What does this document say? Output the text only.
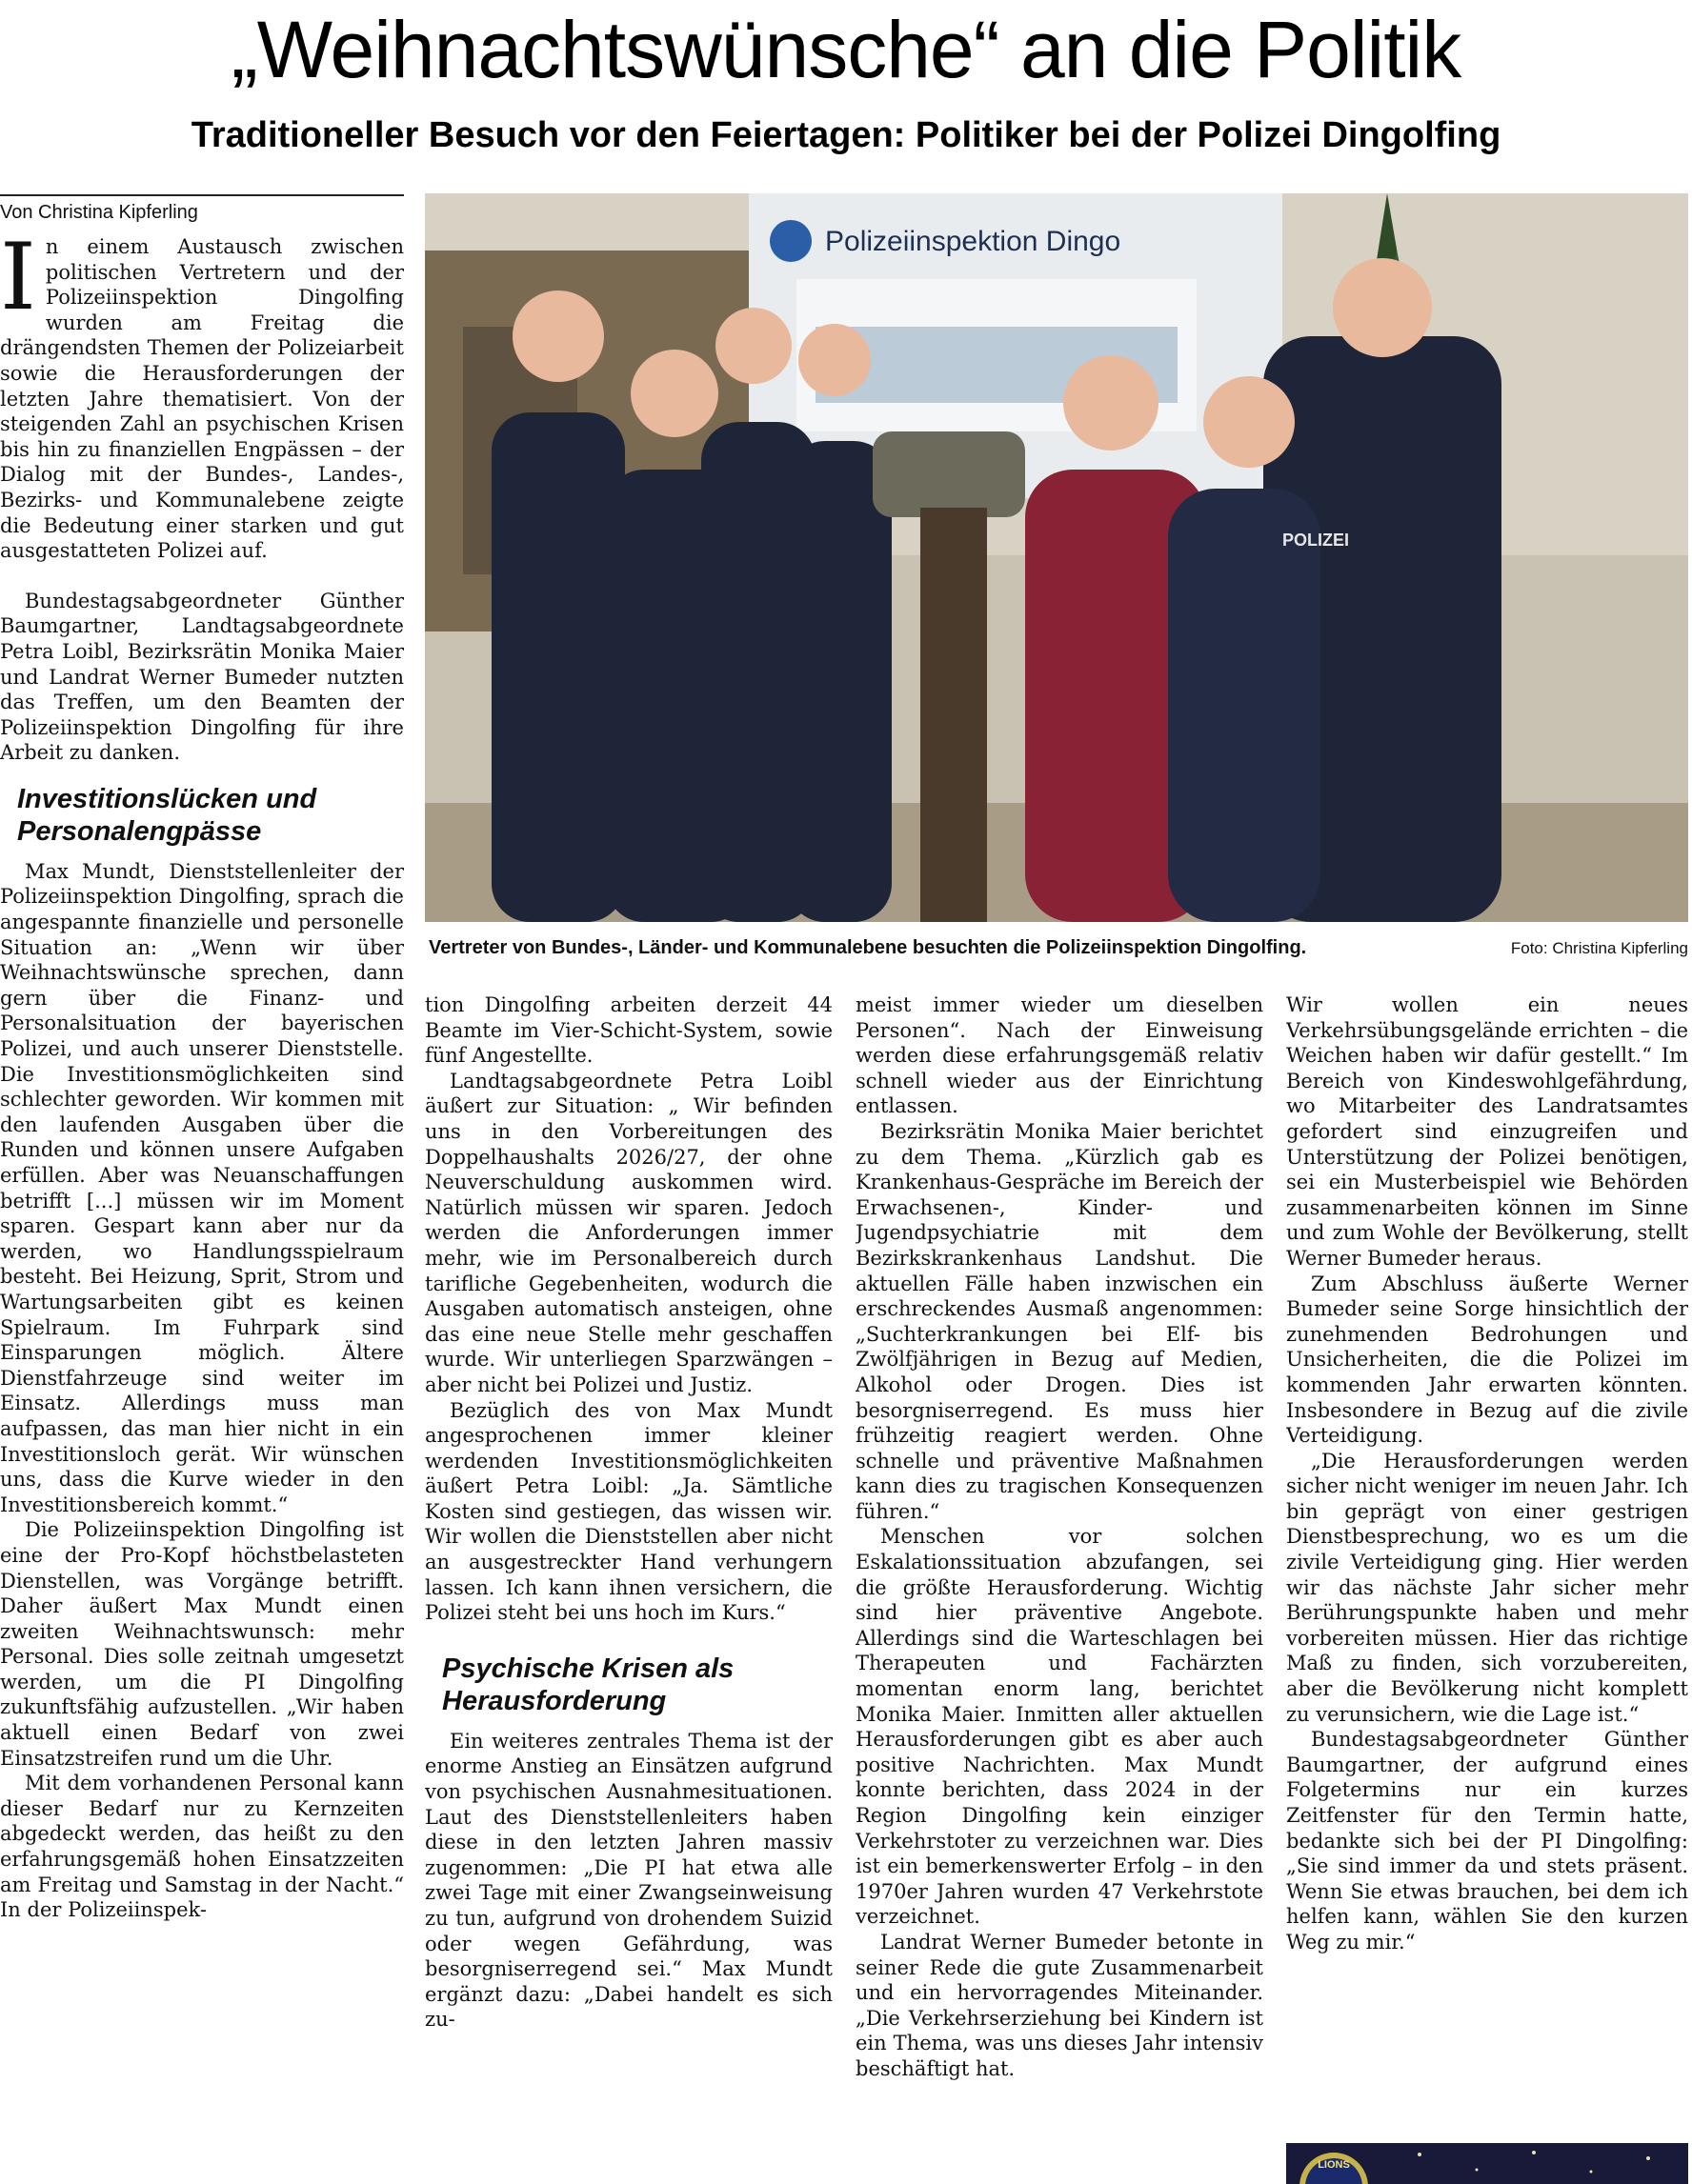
„Weihnachtswünsche“ an die Politik
Traditioneller Besuch vor den Feiertagen: Politiker bei der Polizei Dingolfing
Von Christina Kipferling

In einem Austausch zwischen politischen Vertretern und der Polizeiinspektion Dingolfing wurden am Freitag die drängendsten Themen der Polizeiarbeit sowie die Herausforderungen der letzten Jahre thematisiert. Von der steigenden Zahl an psychischen Krisen bis hin zu finanziellen Engpässen – der Dialog mit der Bundes-, Landes-, Bezirks- und Kommunalebene zeigte die Bedeutung einer starken und gut ausgestatteten Polizei auf.

Bundestagsabgeordneter Günther Baumgartner, Landtagsabgeordnete Petra Loibl, Bezirksrätin Monika Maier und Landrat Werner Bumeder nutzten das Treffen, um den Beamten der Polizeiinspektion Dingolfing für ihre Arbeit zu danken.

Investitionslücken und Personalengpässe

Max Mundt, Dienststellenleiter der Polizeiinspektion Dingolfing, sprach die angespannte finanzielle und personelle Situation an: „Wenn wir über Weihnachtswünsche sprechen, dann gern über die Finanz- und Personalsituation der bayerischen Polizei, und auch unserer Dienststelle. Die Investitionsmöglichkeiten sind schlechter geworden. Wir kommen mit den laufenden Ausgaben über die Runden und können unsere Aufgaben erfüllen. Aber was Neuanschaffungen betrifft [...] müssen wir im Moment sparen. Gespart kann aber nur da werden, wo Handlungsspielraum besteht. Bei Heizung, Sprit, Strom und Wartungsarbeiten gibt es keinen Spielraum. Im Fuhrpark sind Einsparungen möglich. Ältere Dienstfahrzeuge sind weiter im Einsatz. Allerdings muss man aufpassen, das man hier nicht in ein Investitionsloch gerät. Wir wünschen uns, dass die Kurve wieder in den Investitionsbereich kommt.“

Die Polizeiinspektion Dingolfing ist eine der Pro-Kopf höchstbelasteten Dienstellen, was Vorgänge betrifft. Daher äußert Max Mundt einen zweiten Weihnachtswunsch: mehr Personal. Dies solle zeitnah umgesetzt werden, um die PI Dingolfing zukunftsfähig aufzustellen. „Wir haben aktuell einen Bedarf von zwei Einsatzstreifen rund um die Uhr.

Mit dem vorhandenen Personal kann dieser Bedarf nur zu Kernzeiten abgedeckt werden, das heißt zu den erfahrungsgemäß hohen Einsatzzeiten am Freitag und Samstag in der Nacht.“ In der Polizeiinspek-

Polizeiinspektion Dingo
POLIZEI
Vertreter von Bundes-, Länder- und Kommunalebene besuchten die Polizeiinspektion Dingolfing.	Foto: Christina Kipferling

tion Dingolfing arbeiten derzeit 44 Beamte im Vier-Schicht-System, sowie fünf Angestellte.

Landtagsabgeordnete Petra Loibl äußert zur Situation: „ Wir befinden uns in den Vorbereitungen des Doppelhaushalts 2026/27, der ohne Neuverschuldung auskommen wird. Natürlich müssen wir sparen. Jedoch werden die Anforderungen immer mehr, wie im Personalbereich durch tarifliche Gegebenheiten, wodurch die Ausgaben automatisch ansteigen, ohne das eine neue Stelle mehr geschaffen wurde. Wir unterliegen Sparzwängen – aber nicht bei Polizei und Justiz.

Bezüglich des von Max Mundt angesprochenen immer kleiner werdenden Investitionsmöglichkeiten äußert Petra Loibl: „Ja. Sämtliche Kosten sind gestiegen, das wissen wir. Wir wollen die Dienststellen aber nicht an ausgestreckter Hand verhungern lassen. Ich kann ihnen versichern, die Polizei steht bei uns hoch im Kurs.“

Psychische Krisen als Herausforderung

Ein weiteres zentrales Thema ist der enorme Anstieg an Einsätzen aufgrund von psychischen Ausnahmesituationen. Laut des Dienststellenleiters haben diese in den letzten Jahren massiv zugenommen: „Die PI hat etwa alle zwei Tage mit einer Zwangseinweisung zu tun, aufgrund von drohendem Suizid oder wegen Gefährdung, was besorgniserregend sei.“ Max Mundt ergänzt dazu: „Dabei handelt es sich zu-

meist immer wieder um dieselben Personen“. Nach der Einweisung werden diese erfahrungsgemäß relativ schnell wieder aus der Einrichtung entlassen.

Bezirksrätin Monika Maier berichtet zu dem Thema. „Kürzlich gab es Krankenhaus-Gespräche im Bereich der Erwachsenen-, Kinder- und Jugendpsychiatrie mit dem Bezirkskrankenhaus Landshut. Die aktuellen Fälle haben inzwischen ein erschreckendes Ausmaß angenommen: „Suchterkrankungen bei Elf- bis Zwölfjährigen in Bezug auf Medien, Alkohol oder Drogen. Dies ist besorgniserregend. Es muss hier frühzeitig reagiert werden. Ohne schnelle und präventive Maßnahmen kann dies zu tragischen Konsequenzen führen.“

Menschen vor solchen Eskalationssituation abzufangen, sei die größte Herausforderung. Wichtig sind hier präventive Angebote. Allerdings sind die Warteschlagen bei Therapeuten und Fachärzten momentan enorm lang, berichtet Monika Maier. Inmitten aller aktuellen Herausforderungen gibt es aber auch positive Nachrichten. Max Mundt konnte berichten, dass 2024 in der Region Dingolfing kein einziger Verkehrstoter zu verzeichnen war. Dies ist ein bemerkenswerter Erfolg – in den 1970er Jahren wurden 47 Verkehrstote verzeichnet.

Landrat Werner Bumeder betonte in seiner Rede die gute Zusammenarbeit und ein hervorragendes Miteinander. „Die Verkehrserziehung bei Kindern ist ein Thema, was uns dieses Jahr intensiv beschäftigt hat.

Wir wollen ein neues Verkehrsübungsgelände errichten – die Weichen haben wir dafür gestellt.“ Im Bereich von Kindeswohlgefährdung, wo Mitarbeiter des Landratsamtes gefordert sind einzugreifen und Unterstützung der Polizei benötigen, sei ein Musterbeispiel wie Behörden zusammenarbeiten können im Sinne und zum Wohle der Bevölkerung, stellt Werner Bumeder heraus.

Zum Abschluss äußerte Werner Bumeder seine Sorge hinsichtlich der zunehmenden Bedrohungen und Unsicherheiten, die die Polizei im kommenden Jahr erwarten könnten. Insbesondere in Bezug auf die zivile Verteidigung.

„Die Herausforderungen werden sicher nicht weniger im neuen Jahr. Ich bin geprägt von einer gestrigen Dienstbesprechung, wo es um die zivile Verteidigung ging. Hier werden wir das nächste Jahr sicher mehr Berührungspunkte haben und mehr vorbereiten müssen. Hier das richtige Maß zu finden, sich vorzubereiten, aber die Bevölkerung nicht komplett zu verunsichern, wie die Lage ist.“

Bundestagsabgeordneter Günther Baumgartner, der aufgrund eines Folgetermins nur ein kurzes Zeitfenster für den Termin hatte, bedankte sich bei der PI Dingolfing: „Sie sind immer da und stets präsent. Wenn Sie etwas brauchen, bei dem ich helfen kann, wählen Sie den kurzen Weg zu mir.“

LIONS
